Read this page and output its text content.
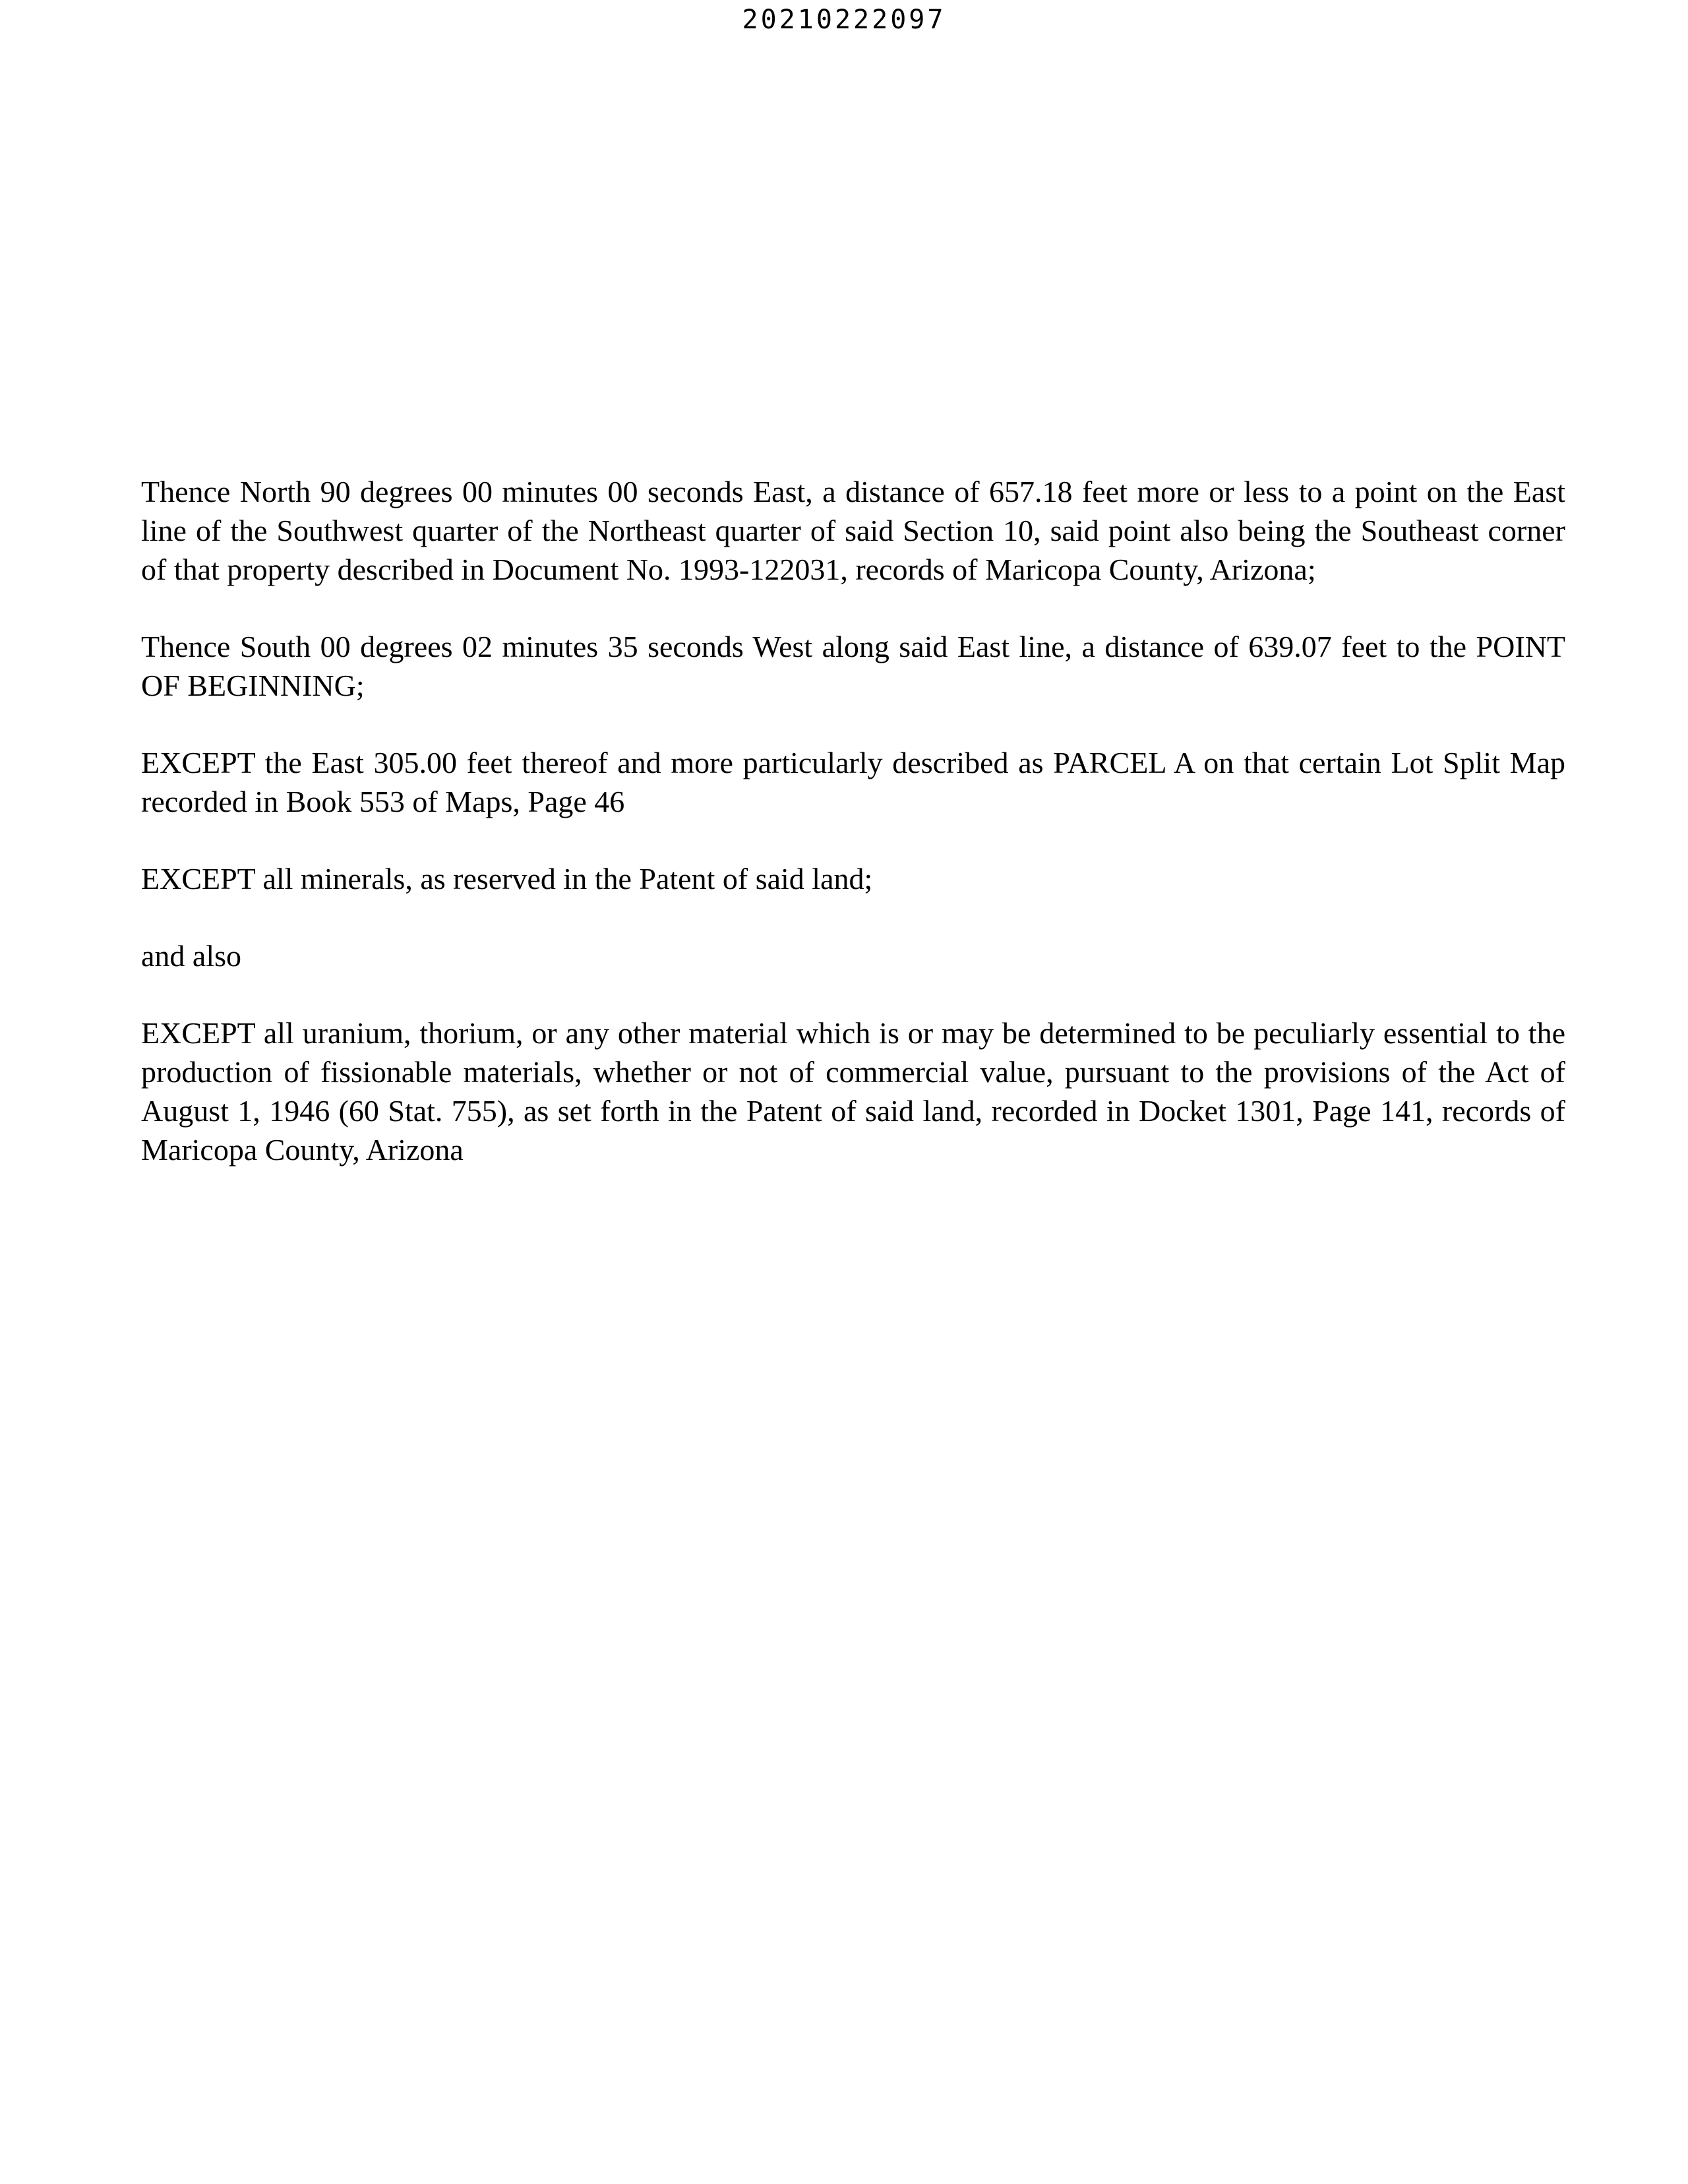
20210222097

Thence North 90 degrees 00 minutes 00 seconds East, a distance of 657.18 feet more or less to a point on the East line of the Southwest quarter of the Northeast quarter of said Section 10, said point also being the Southeast corner of that property described in Document No. 1993-122031, records of Maricopa County, Arizona;

Thence South 00 degrees 02 minutes 35 seconds West along said East line, a distance of 639.07 feet to the POINT OF BEGINNING;

EXCEPT the East 305.00 feet thereof and more particularly described as PARCEL A on that certain Lot Split Map recorded in Book 553 of Maps, Page 46

EXCEPT all minerals, as reserved in the Patent of said land;

and also

EXCEPT all uranium, thorium, or any other material which is or may be determined to be peculiarly essential to the production of fissionable materials, whether or not of commercial value, pursuant to the provisions of the Act of August 1, 1946 (60 Stat. 755), as set forth in the Patent of said land, recorded in Docket 1301, Page 141, records of Maricopa County, Arizona
